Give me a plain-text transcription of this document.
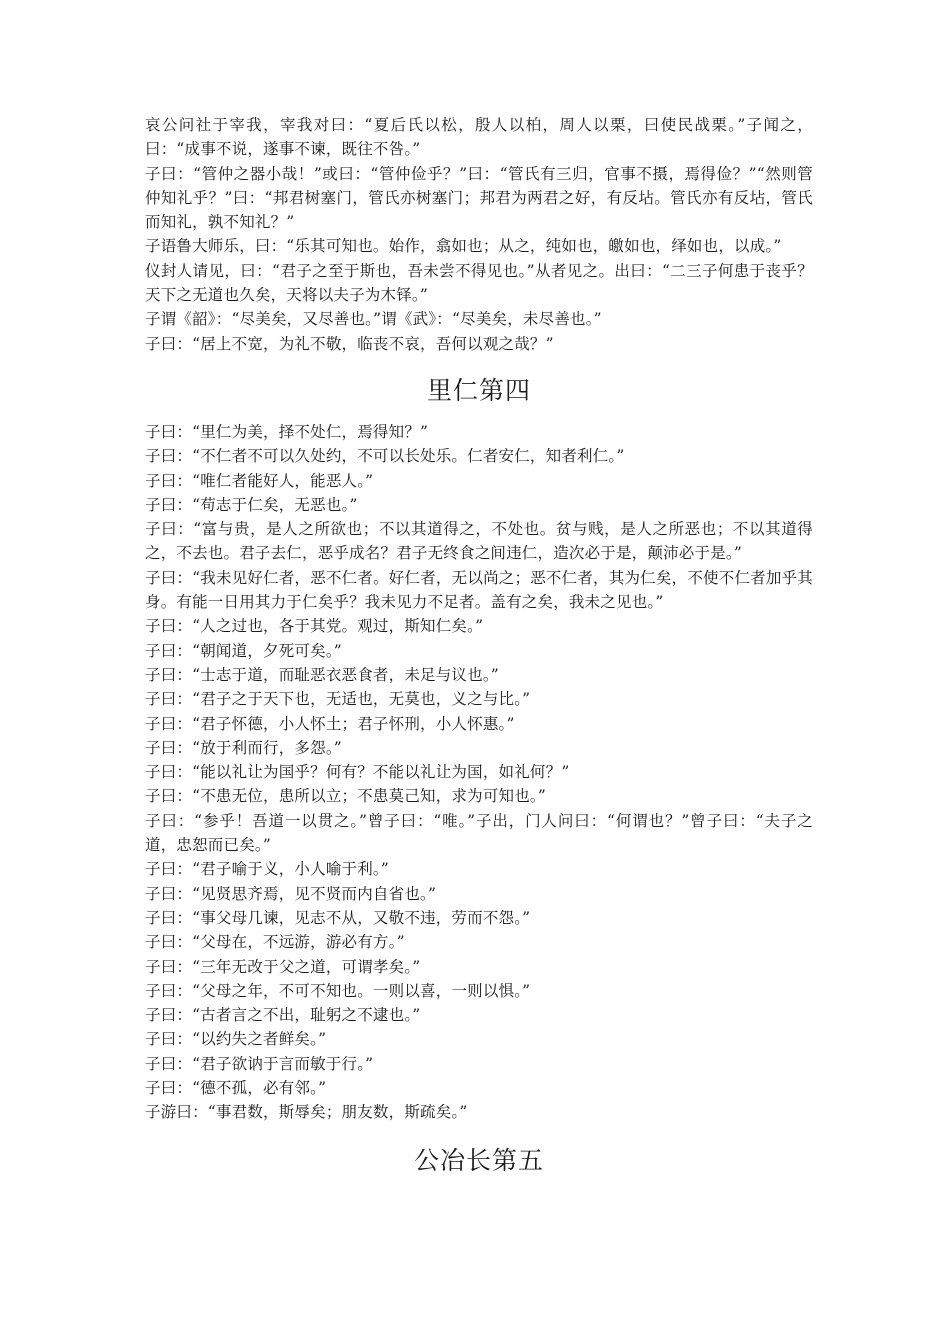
哀公问社于宰我，宰我对曰：“夏后氏以松，殷人以柏，周人以栗，曰使民战栗。”子闻之，曰：“成事不说，遂事不谏，既往不咎。”

子曰：“管仲之器小哉！”或曰：“管仲俭乎？”曰：“管氏有三归，官事不摄，焉得俭？”“然则管仲知礼乎？”曰：“邦君树塞门，管氏亦树塞门；邦君为两君之好，有反坫。管氏亦有反坫，管氏而知礼，孰不知礼？”

子语鲁大师乐，曰：“乐其可知也。始作，翕如也；从之，纯如也，皦如也，绎如也，以成。”

仪封人请见，曰：“君子之至于斯也，吾未尝不得见也。”从者见之。出曰：“二三子何患于丧乎？天下之无道也久矣，天将以夫子为木铎。”

子谓《韶》：“尽美矣，又尽善也。”谓《武》：“尽美矣，未尽善也。”

子曰：“居上不宽，为礼不敬，临丧不哀，吾何以观之哉？”

里仁第四

子曰：“里仁为美，择不处仁，焉得知？”

子曰：“不仁者不可以久处约，不可以长处乐。仁者安仁，知者利仁。”

子曰：“唯仁者能好人，能恶人。”

子曰：“苟志于仁矣，无恶也。”

子曰：“富与贵，是人之所欲也；不以其道得之，不处也。贫与贱，是人之所恶也；不以其道得之，不去也。君子去仁，恶乎成名？君子无终食之间违仁，造次必于是，颠沛必于是。”

子曰：“我未见好仁者，恶不仁者。好仁者，无以尚之；恶不仁者，其为仁矣，不使不仁者加乎其身。有能一日用其力于仁矣乎？我未见力不足者。盖有之矣，我未之见也。”

子曰：“人之过也，各于其党。观过，斯知仁矣。”

子曰：“朝闻道，夕死可矣。”

子曰：“士志于道，而耻恶衣恶食者，未足与议也。”

子曰：“君子之于天下也，无适也，无莫也，义之与比。”

子曰：“君子怀德，小人怀土；君子怀刑，小人怀惠。”

子曰：“放于利而行，多怨。”

子曰：“能以礼让为国乎？何有？不能以礼让为国，如礼何？”

子曰：“不患无位，患所以立；不患莫己知，求为可知也。”

子曰：“参乎！吾道一以贯之。”曾子曰：“唯。”子出，门人问曰：“何谓也？”曾子曰：“夫子之道，忠恕而已矣。”

子曰：“君子喻于义，小人喻于利。”

子曰：“见贤思齐焉，见不贤而内自省也。”

子曰：“事父母几谏，见志不从，又敬不违，劳而不怨。”

子曰：“父母在，不远游，游必有方。”

子曰：“三年无改于父之道，可谓孝矣。”

子曰：“父母之年，不可不知也。一则以喜，一则以惧。”

子曰：“古者言之不出，耻躬之不逮也。”

子曰：“以约失之者鲜矣。”

子曰：“君子欲讷于言而敏于行。”

子曰：“德不孤，必有邻。”

子游曰：“事君数，斯辱矣；朋友数，斯疏矣。”

公冶长第五
